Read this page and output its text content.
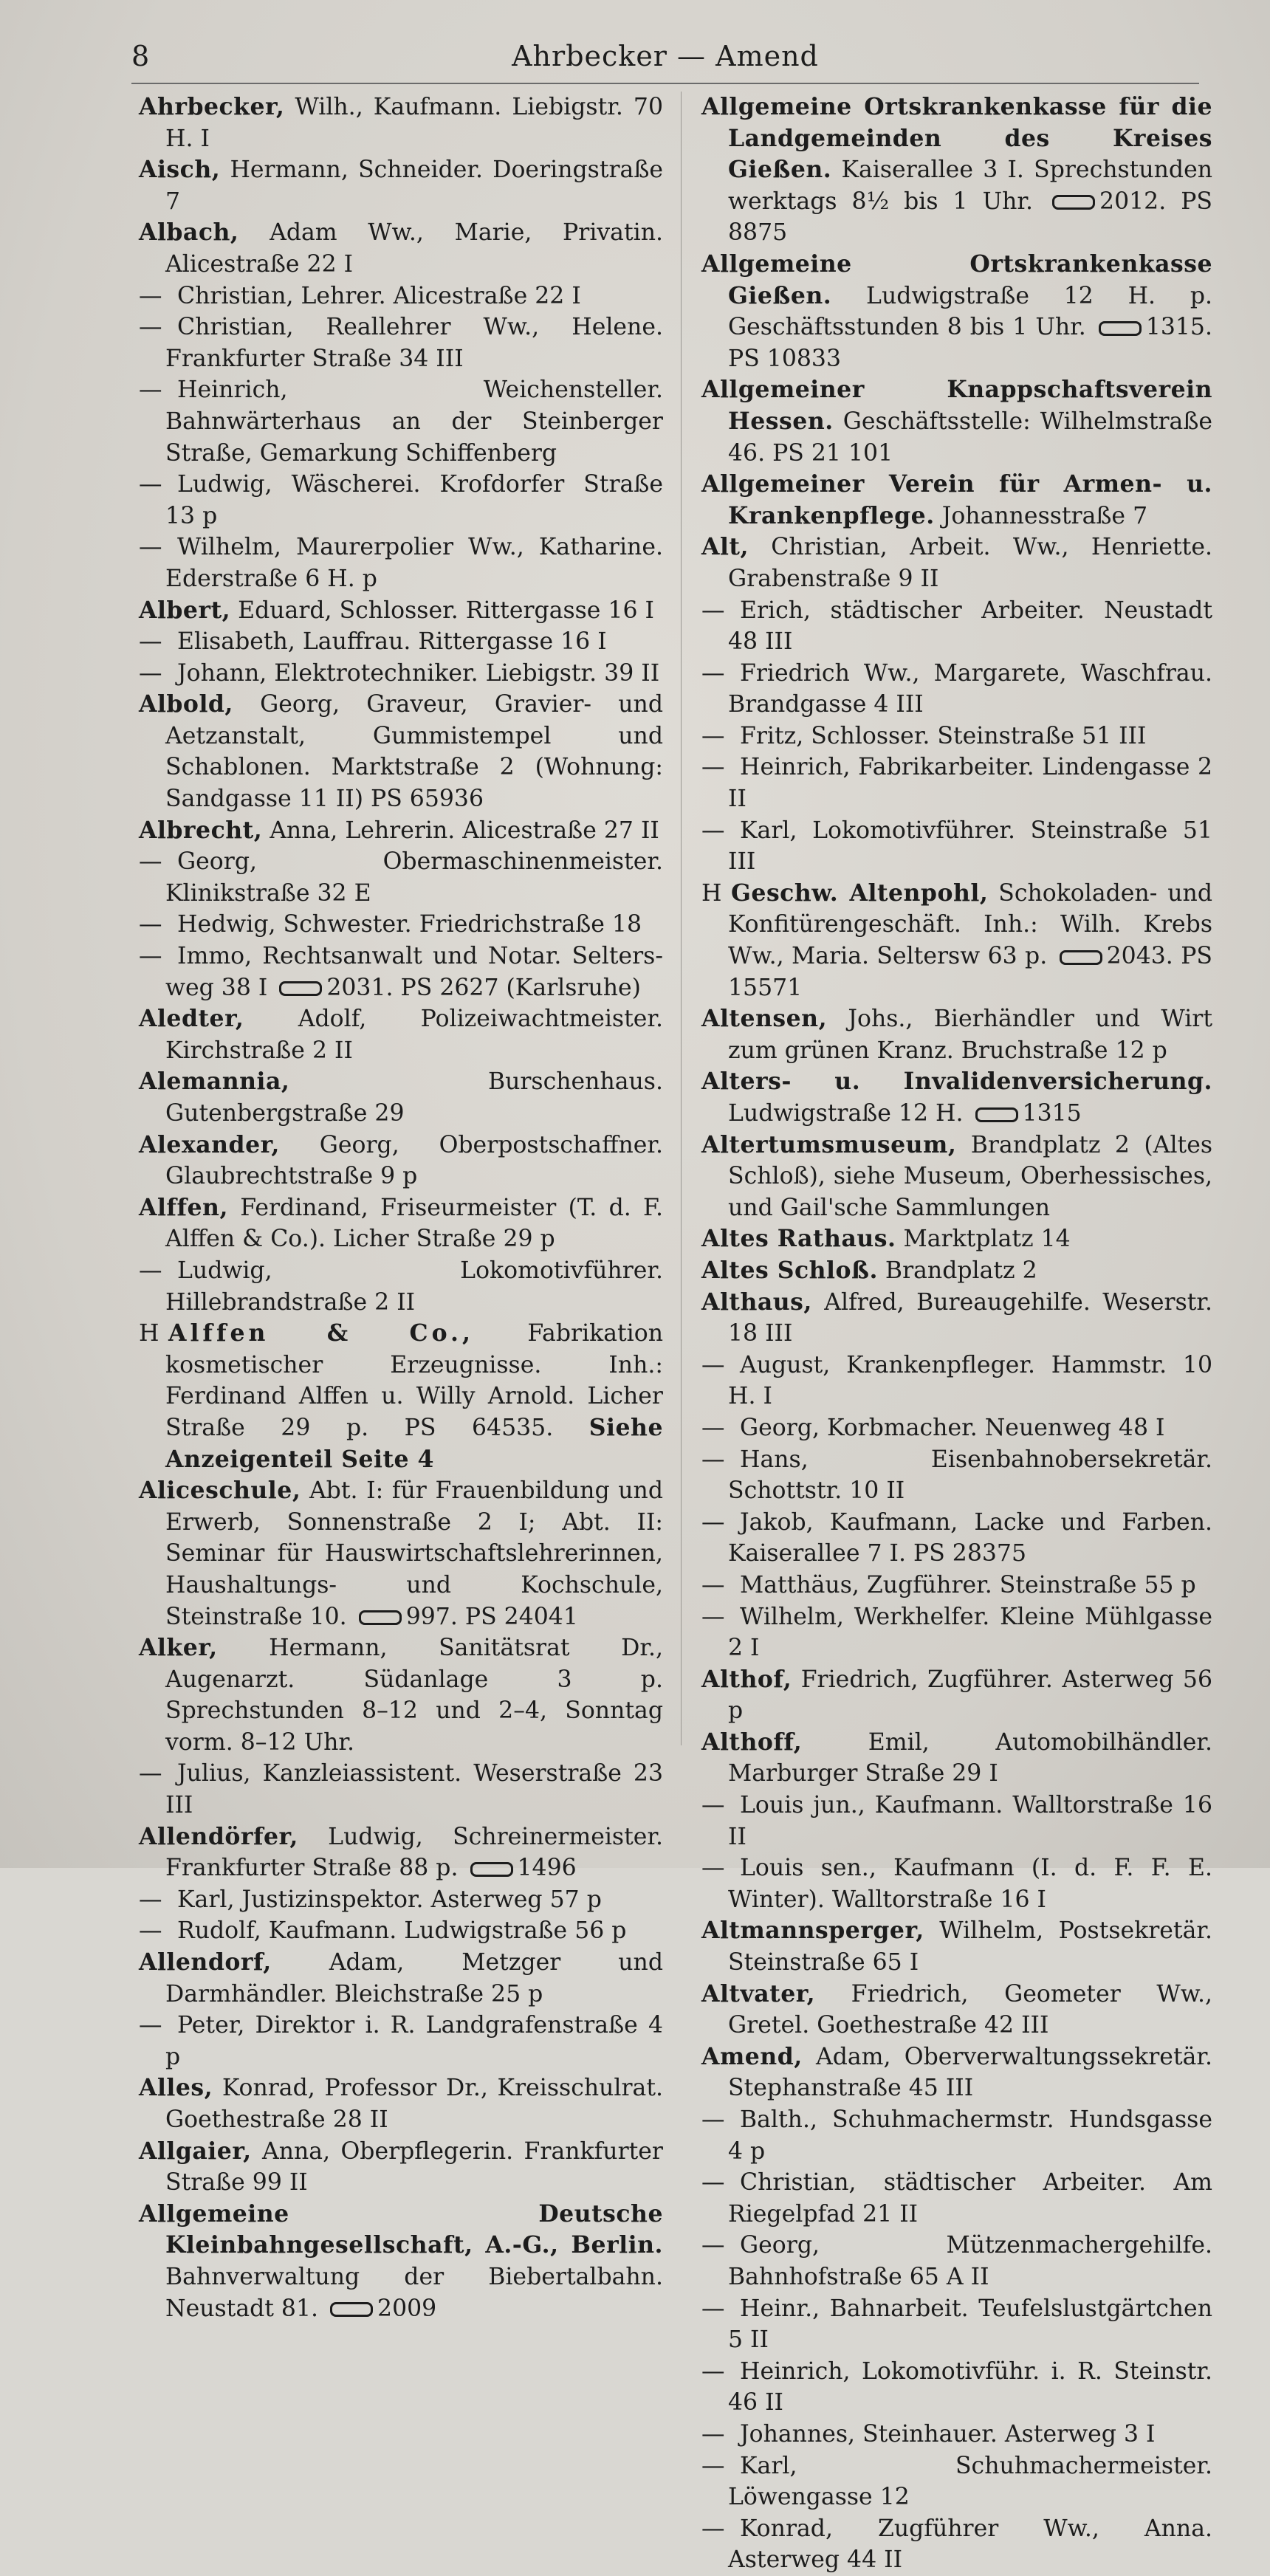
8	Ahrbecker — Amend

Ahrbecker, Wilh., Kaufmann. Liebigstr. 70 H. I

Aisch, Hermann, Schneider. Doeringstraße 7

Albach, Adam Ww., Marie, Privatin. Alicestraße 22 I

— Christian, Lehrer. Alicestraße 22 I

— Christian, Reallehrer Ww., Helene. Frankfurter Straße 34 III

— Heinrich, Weichensteller. Bahnwärterhaus an der Steinberger Straße, Gemarkung Schiffenberg

— Ludwig, Wäscherei. Krofdorfer Straße 13 p

— Wilhelm, Maurerpolier Ww., Katharine. Ederstraße 6 H. p

Albert, Eduard, Schlosser. Rittergasse 16 I

— Elisabeth, Lauffrau. Rittergasse 16 I

— Johann, Elektrotechniker. Liebigstr. 39 II

Albold, Georg, Graveur, Gravier- und Aetzanstalt, Gummistempel und Schablonen. Marktstraße 2 (Wohnung: Sandgasse 11 II) PS 65936

Albrecht, Anna, Lehrerin. Alicestraße 27 II

— Georg, Obermaschinenmeister. Klinikstraße 32 E

— Hedwig, Schwester. Friedrichstraße 18

— Immo, Rechtsanwalt und Notar. Selters-weg 38 I	2031. PS 2627 (Karlsruhe)

Aledter, Adolf, Polizeiwachtmeister. Kirchstraße 2 II

Alemannia,	Burschenhaus. Gutenbergstraße 29

Alexander, Georg, Oberpostschaffner. Glaubrechtstraße 9 p

Alffen, Ferdinand, Friseurmeister (T. d. F. Alffen & Co.). Licher Straße 29 p

— Ludwig, Lokomotivführer. Hillebrandstraße 2 II

H Alffen & Co., Fabrikation kosmetischer Erzeugnisse. Inh.: Ferdinand Alffen u. Willy Arnold. Licher Straße 29 p. PS 64535. Siehe Anzeigenteil Seite 4

Aliceschule, Abt. I: für Frauenbildung und Erwerb, Sonnenstraße 2 I; Abt. II: Seminar für Hauswirtschaftslehrerinnen, Haushaltungs- und Kochschule, Steinstraße 10.	997. PS 24041

Alker, Hermann, Sanitätsrat Dr., Augenarzt. Südanlage 3 p. Sprechstunden 8–12 und 2–4, Sonntag vorm. 8–12 Uhr.

— Julius, Kanzleiassistent. Weserstraße 23 III

Allendörfer, Ludwig, Schreinermeister. Frankfurter Straße 88 p.	1496

— Karl, Justizinspektor. Asterweg 57 p

— Rudolf, Kaufmann. Ludwigstraße 56 p

Allendorf, Adam, Metzger und Darmhändler. Bleichstraße 25 p

— Peter, Direktor i. R. Landgrafenstraße 4 p

Alles, Konrad, Professor Dr., Kreisschulrat. Goethestraße 28 II

Allgaier, Anna, Oberpflegerin. Frankfurter Straße 99 II

Allgemeine Deutsche Kleinbahngesellschaft, A.-G., Berlin. Bahnverwaltung der Biebertalbahn. Neustadt 81.	2009

Allgemeine Ortskrankenkasse für die Landgemeinden des Kreises Gießen. Kaiserallee 3 I. Sprechstunden werktags 8½ bis 1 Uhr.	2012. PS 8875

Allgemeine Ortskrankenkasse Gießen. Ludwigstraße 12 H. p. Geschäftsstunden 8 bis 1 Uhr.	1315. PS 10833

Allgemeiner Knappschaftsverein Hessen. Geschäftsstelle: Wilhelmstraße 46. PS 21 101

Allgemeiner Verein für Armen- u. Krankenpflege. Johannesstraße 7

Alt, Christian, Arbeit. Ww., Henriette. Grabenstraße 9 II

— Erich, städtischer Arbeiter. Neustadt 48 III

— Friedrich Ww., Margarete, Waschfrau. Brandgasse 4 III

— Fritz, Schlosser. Steinstraße 51 III

— Heinrich, Fabrikarbeiter. Lindengasse 2 II

— Karl, Lokomotivführer. Steinstraße 51 III

H Geschw. Altenpohl, Schokoladen- und Konfitürengeschäft. Inh.: Wilh. Krebs Ww., Maria. Seltersw 63 p.	2043. PS 15571

Altensen, Johs., Bierhändler und Wirt zum grünen Kranz. Bruchstraße 12 p

Alters- u. Invalidenversicherung. Ludwigstraße 12 H.	1315

Altertumsmuseum, Brandplatz 2 (Altes Schloß), siehe Museum, Oberhessisches, und Gail'sche Sammlungen

Altes Rathaus. Marktplatz 14

Altes Schloß. Brandplatz 2

Althaus, Alfred, Bureaugehilfe. Weserstr. 18 III

— August, Krankenpfleger. Hammstr. 10 H. I

— Georg, Korbmacher. Neuenweg 48 I

— Hans, Eisenbahnobersekretär. Schottstr. 10 II

— Jakob, Kaufmann, Lacke und Farben. Kaiserallee 7 I. PS 28375

— Matthäus, Zugführer. Steinstraße 55 p

— Wilhelm, Werkhelfer. Kleine Mühlgasse 2 I

Althof, Friedrich, Zugführer. Asterweg 56 p

Althoff,	Emil, Automobilhändler. Marburger Straße 29 I

— Louis jun., Kaufmann. Walltorstraße 16 II

— Louis sen., Kaufmann (I. d. F. F. E. Winter). Walltorstraße 16 I

Altmannsperger, Wilhelm, Postsekretär. Steinstraße 65 I

Altvater, Friedrich, Geometer Ww., Gretel. Goethestraße 42 III

Amend, Adam, Oberverwaltungssekretär. Stephanstraße 45 III

— Balth., Schuhmachermstr. Hundsgasse 4 p

— Christian, städtischer Arbeiter. Am Riegelpfad 21 II

— Georg, Mützenmachergehilfe. Bahnhofstraße 65 A II

— Heinr., Bahnarbeit. Teufelslustgärtchen 5 II

— Heinrich, Lokomotivführ. i. R. Steinstr. 46 II

— Johannes, Steinhauer. Asterweg 3 I

— Karl, Schuhmachermeister. Löwengasse 12

— Konrad, Zugführer Ww., Anna. Asterweg 44 II
